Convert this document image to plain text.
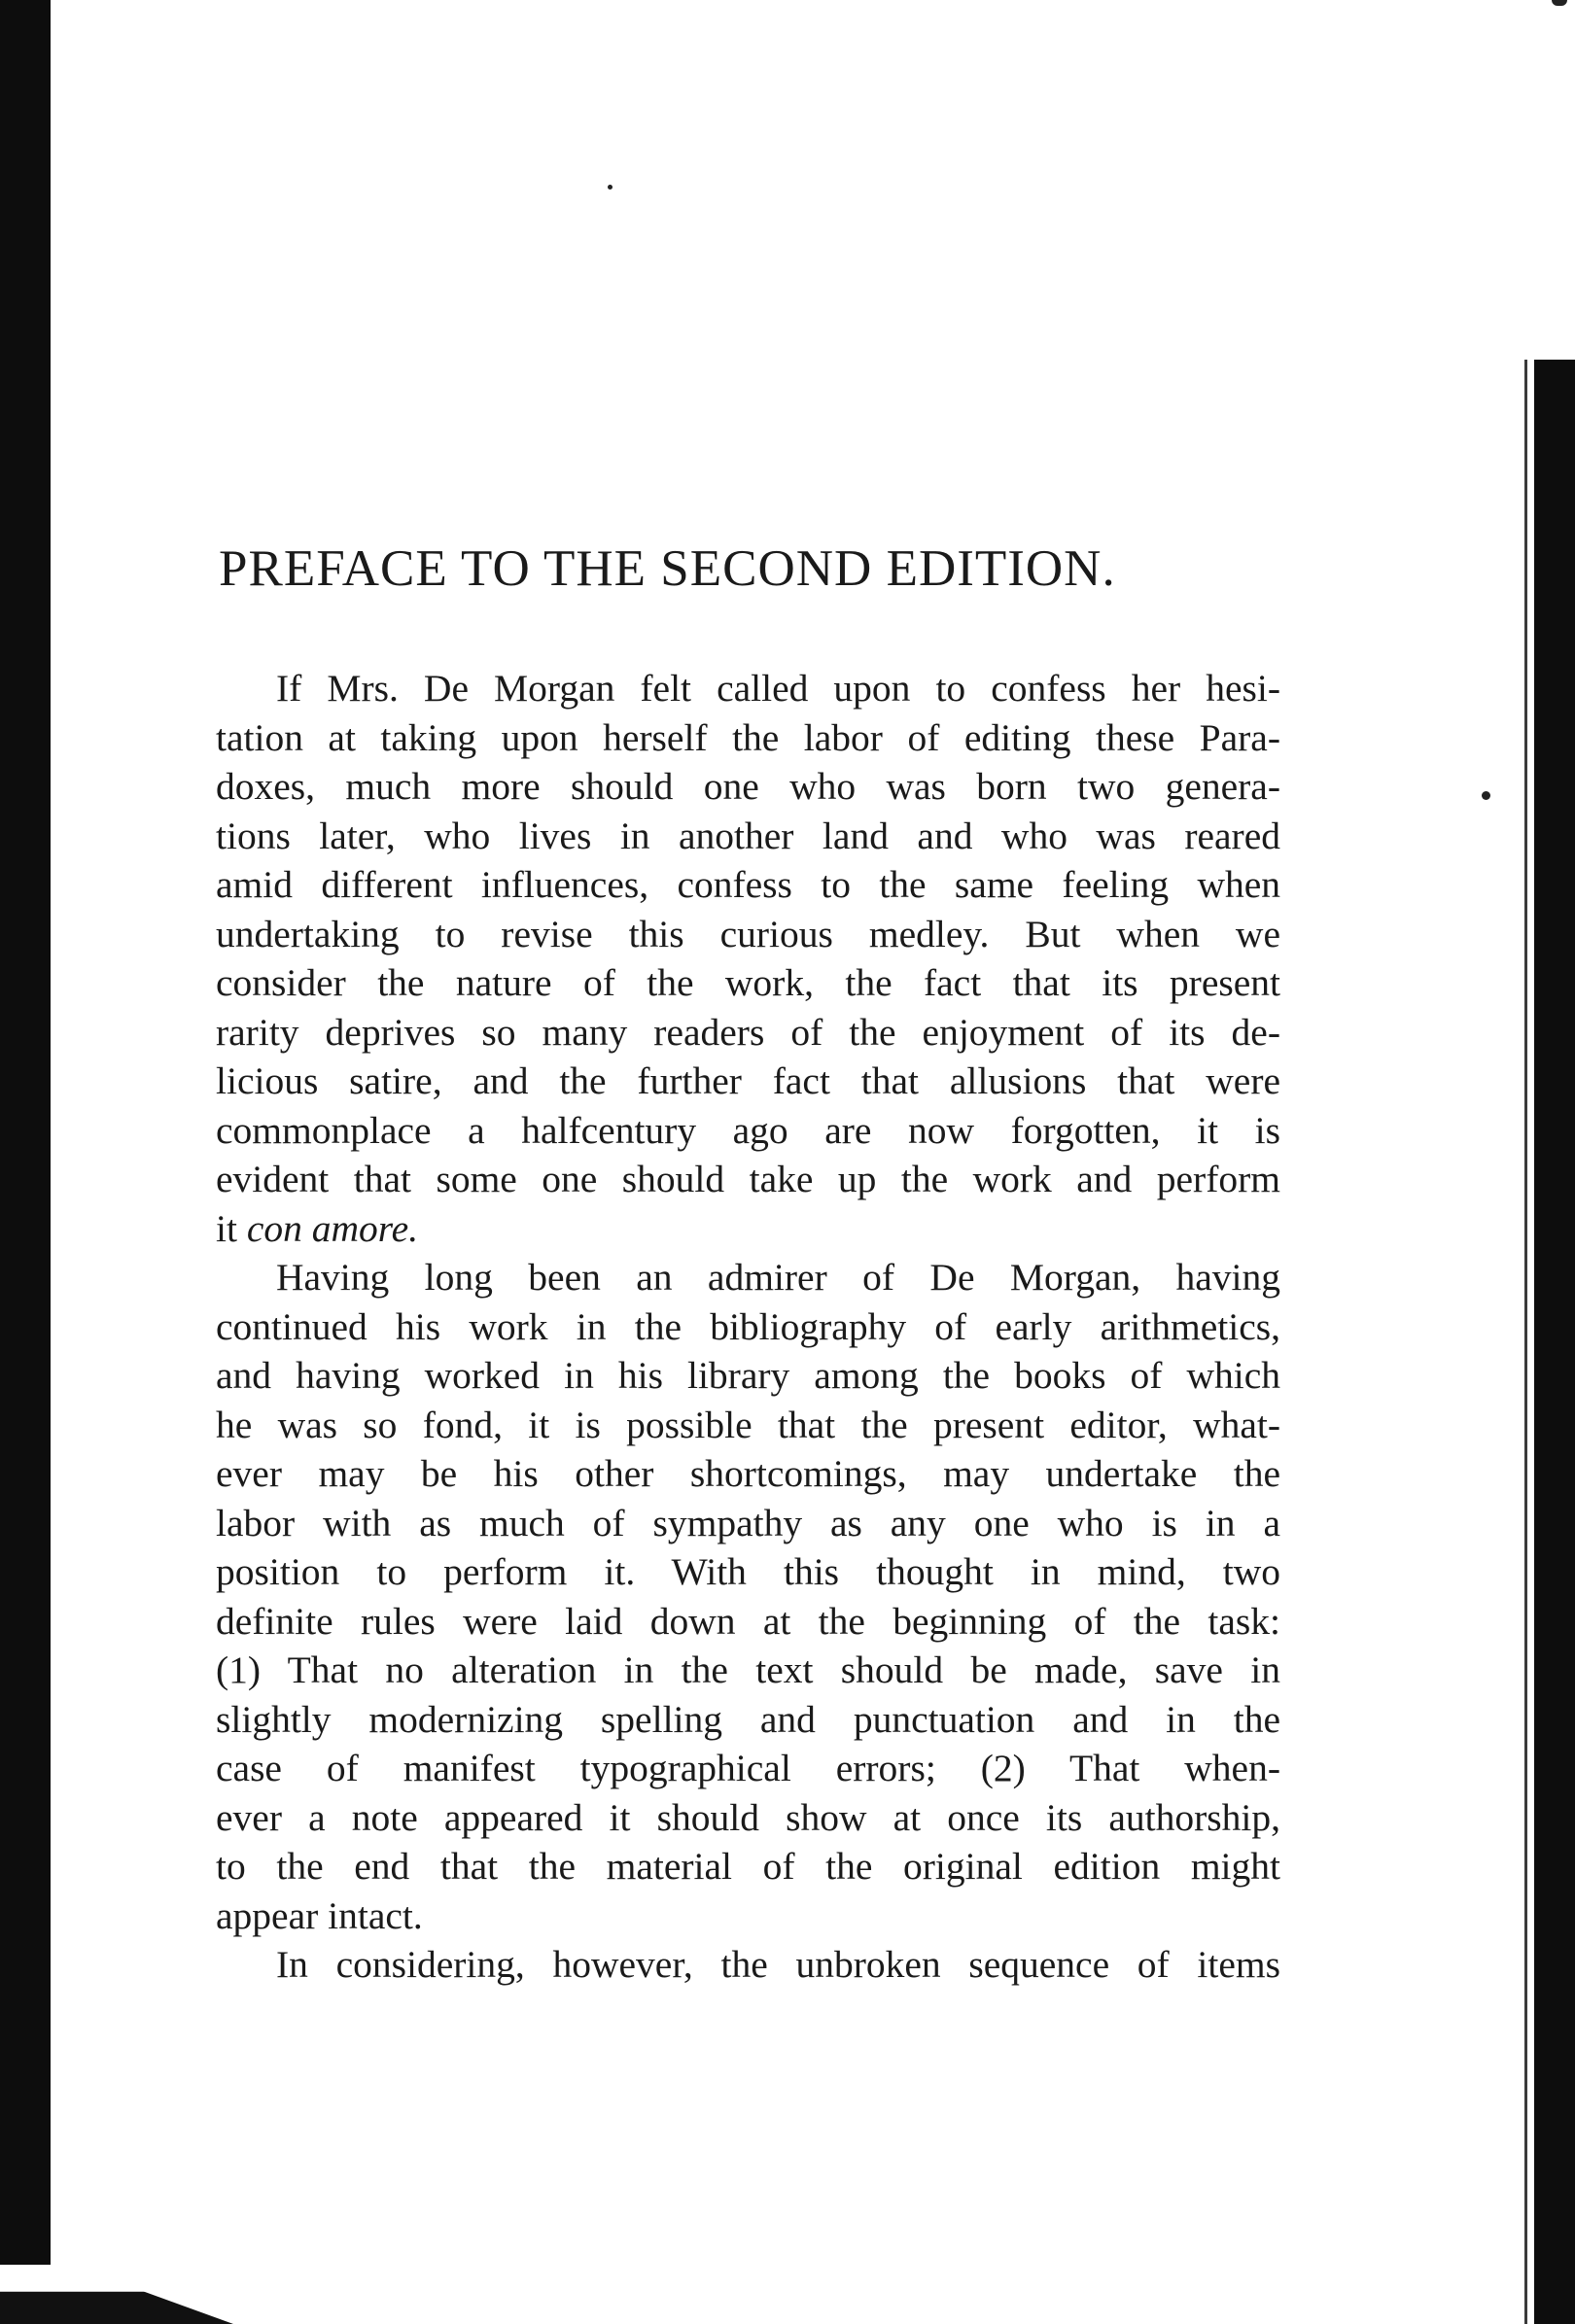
PREFACE TO THE SECOND EDITION.
If Mrs. De Morgan felt called upon to confess her hesi-
tation at taking upon herself the labor of editing these Para-
doxes, much more should one who was born two genera-
tions later, who lives in another land and who was reared
amid different influences, confess to the same feeling when
undertaking to revise this curious medley. But when we
consider the nature of the work, the fact that its present
rarity deprives so many readers of the enjoyment of its de-
licious satire, and the further fact that allusions that were
commonplace a halfcentury ago are now forgotten, it is
evident that some one should take up the work and perform
it con amore.
Having long been an admirer of De Morgan, having
continued his work in the bibliography of early arithmetics,
and having worked in his library among the books of which
he was so fond, it is possible that the present editor, what-
ever may be his other shortcomings, may undertake the
labor with as much of sympathy as any one who is in a
position to perform it. With this thought in mind, two
definite rules were laid down at the beginning of the task:
(1) That no alteration in the text should be made, save in
slightly modernizing spelling and punctuation and in the
case of manifest typographical errors; (2) That when-
ever a note appeared it should show at once its authorship,
to the end that the material of the original edition might
appear intact.
In considering, however, the unbroken sequence of items
